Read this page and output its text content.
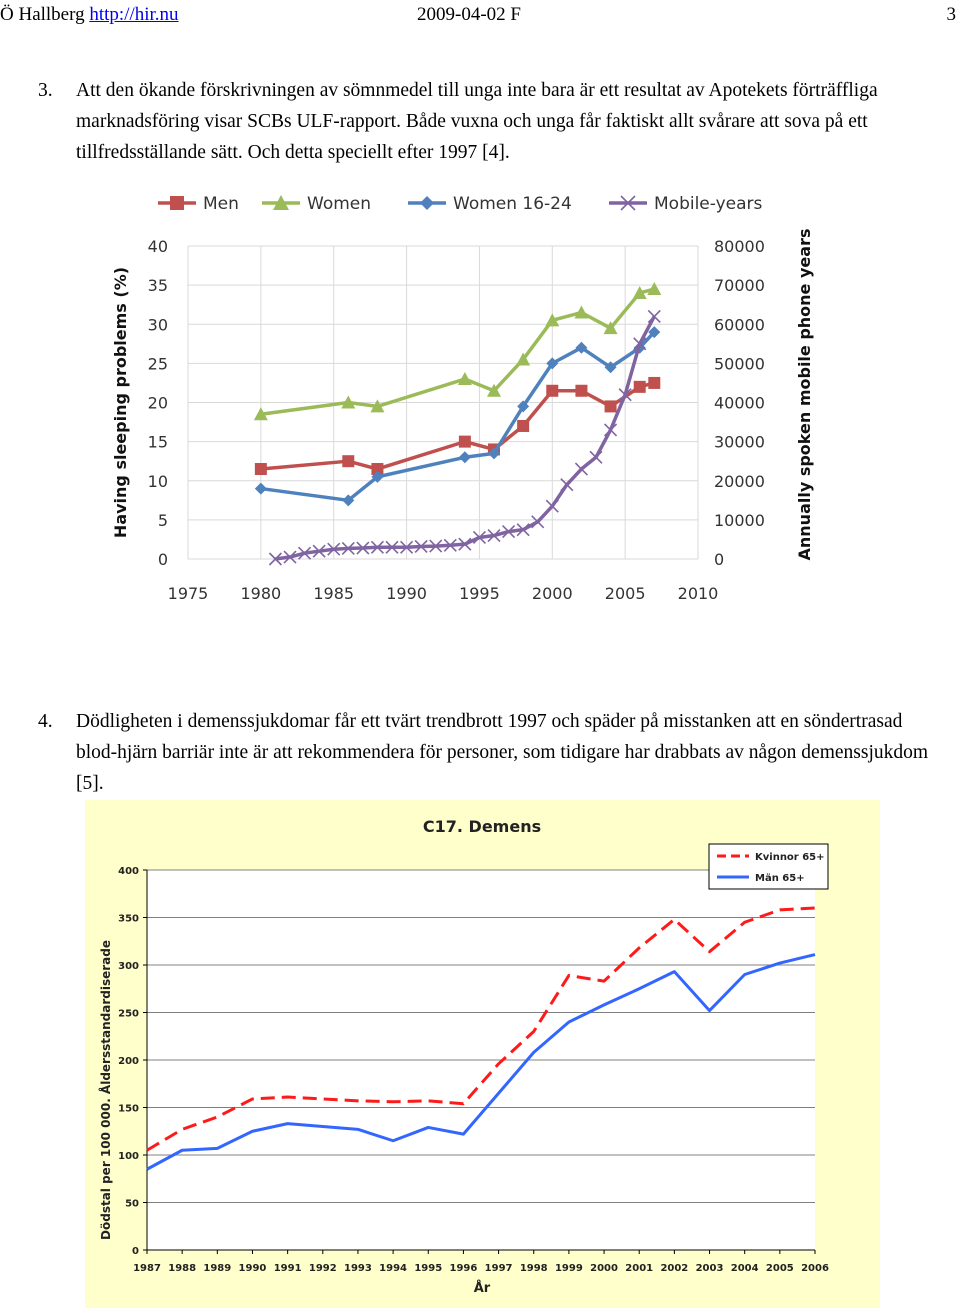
Ö Hallberg http://hir.nu	2009-04-02 F	3
3. Att den ökande förskrivningen av sömnmedel till unga inte bara är ett resultat av Apotekets förträffliga marknadsföring visar SCBs ULF-rapport. Både vuxna och unga får faktiskt allt svårare att sova på ett tillfredsställande sätt. Och detta speciellt efter 1997 [4].
0
5
10
15
20
25
30
35
40
0
10000
20000
30000
40000
50000
60000
70000
80000
1975 1980 1985 1990 1995 2000 2005 2010
Having sleeping problems (%)	Annually spoken mobile phone years
Men	Women	Women 16-24	Mobile-years
4. Dödligheten i demenssjukdomar får ett tvärt trendbrott 1997 och späder på misstanken att en söndertrasad blod-hjärn barriär inte är att rekommendera för personer, som tidigare har drabbats av någon demenssjukdom [5].
0
50
100
150
200
250
300
350
400
1987 1988 1989 1990 1991 1992 1993 1994 1995 1996 1997 1998 1999 2000 2001 2002 2003 2004 2005 2006
C17. Demens
År
Dödstal per 100 000. Åldersstandardiserade
Kvinnor 65+
Män 65+
